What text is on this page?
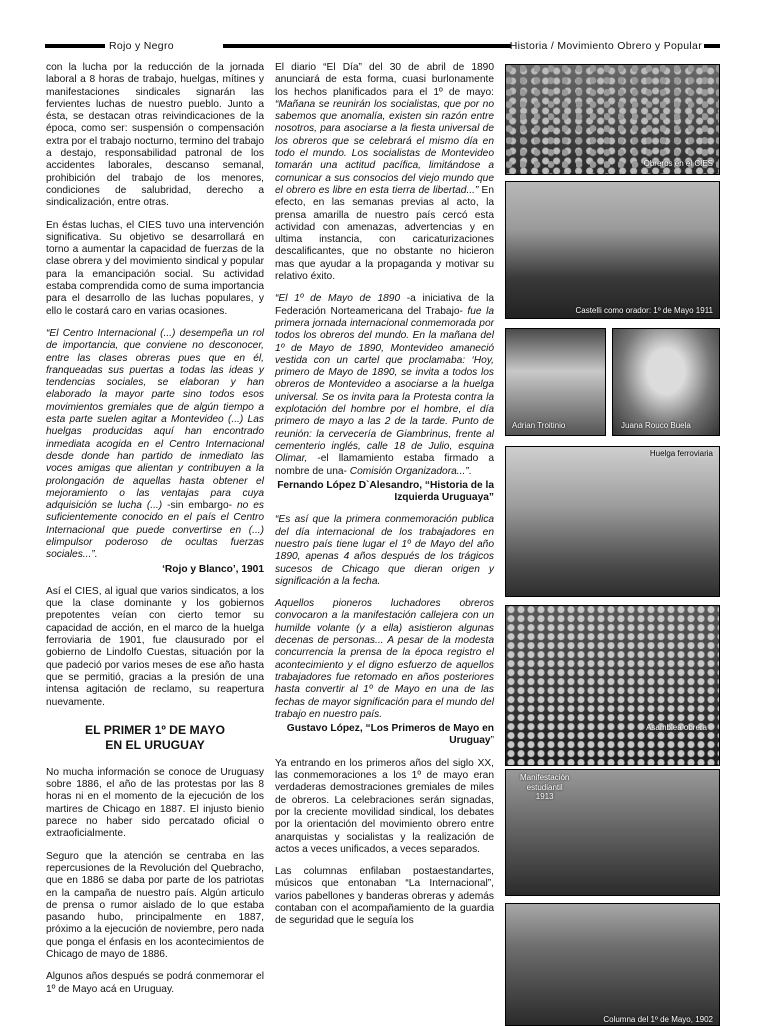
Rojo y Negro	Historia / Movimiento Obrero y Popular

con la lucha por la reducción de la jornada laboral a 8 horas de trabajo, huelgas, mítines y manifestaciones sindicales signarán las fervientes luchas de nuestro pueblo. Junto a ésta, se destacan otras reivindicaciones de la época, como ser: suspensión o compensación extra por el trabajo nocturno, termino del trabajo a destajo, responsabilidad patronal de los accidentes laborales, descanso semanal, prohibición del trabajo de los menores, condiciones de salubridad, derecho a sindicalización, entre otras.

En éstas luchas, el CIES tuvo una intervención significativa. Su objetivo se desarrollará en torno a aumentar la capacidad de fuerzas de la clase obrera y del movimiento sindical y popular para la emancipación social. Su actividad estaba comprendida como de suma importancia para el desarrollo de las luchas populares, y ello le costará caro en varias ocasiones.

“El Centro Internacional (...) desempeña un rol de importancia, que conviene no desconocer, entre las clases obreras pues que en él, franqueadas sus puertas a todas las ideas y tendencias sociales, se elaboran y han elaborado la mayor parte sino todos esos movimientos gremiales que de algún tiempo a esta parte suelen agitar a Montevideo (...) Las huelgas producidas aquí han encontrado inmediata acogida en el Centro Internacional desde donde han partido de inmediato las voces amigas que alientan y contribuyen a la prolongación de aquellas hasta obtener el mejoramiento o las ventajas para cuya adquisición se lucha (...) -sin embargo- no es suficientemente conocido en el país el Centro Internacional que puede convertirse en (...) elimpulsor poderoso de ocultas fuerzas sociales...”.

‘Rojo y Blanco’, 1901

Así el CIES, al igual que varios sindicatos, a los que la clase dominante y los gobiernos prepotentes veían con cierto temor su capacidad de acción, en el marco de la huelga ferroviaria de 1901, fue clausurado por el gobierno de Lindolfo Cuestas, situación por la que padeció por varios meses de ese año hasta que se permitió, gracias a la presión de una intensa agitación de reclamo, su reapertura nuevamente.

EL PRIMER 1º DE MAYO
EN EL URUGUAY

No mucha información se conoce de Uruguasy sobre 1886, el año de las protestas por las 8 horas ni en el momento de la ejecución de los martires de Chicago en 1887. El injusto bienio parece no haber sido percatado oficial o extraoficialmente.

Seguro que la atención se centraba en las repercusiones de la Revolución del Quebracho, que en 1886 se daba por parte de los patriotas en la campaña de nuestro país. Algún articulo de prensa o rumor aislado de lo que estaba pasando hubo, principalmente en 1887, próximo a la ejecución de noviembre, pero nada que ponga el énfasis en los acontecimientos de Chicago de mayo de 1886.

Algunos años después se podrá conmemorar el 1º de Mayo acá en Uruguay.

El diario “El Día” del 30 de abril de 1890 anunciará de esta forma, cuasi burlonamente los hechos planificados para el 1º de mayo: “Mañana se reunirán los socialistas, que por no sabemos que anomalía, existen sin razón entre nosotros, para asociarse a la fiesta universal de los obreros que se celebrará el mismo día en todo el mundo. Los socialistas de Montevideo tomarán una actitud pacífica, limitándose a comunicar a sus consocios del viejo mundo que el obrero es libre en esta tierra de libertad...” En efecto, en las semanas previas al acto, la prensa amarilla de nuestro país cercó esta actividad con amenazas, advertencias y en ultima instancia, con caricaturizaciones descalificantes, que no obstante no hicieron mas que ayudar a la propaganda y motivar su relativo éxito.

“El 1º de Mayo de 1890 -a iniciativa de la Federación Norteamericana del Trabajo- fue la primera jornada internacional conmemorada por todos los obreros del mundo. En la mañana del 1º de Mayo de 1890, Montevideo amaneció vestida con un cartel que proclamaba: ‘Hoy, primero de Mayo de 1890, se invita a todos los obreros de Montevideo a asociarse a la huelga universal. Se os invita para la Protesta contra la explotación del hombre por el hombre, el día primero de mayo a las 2 de la tarde. Punto de reunión: la cervecería de Giambrinus, frente al cementerio inglés, calle 18 de Julio, esquina Olimar, -el llamamiento estaba firmado a nombre de una- Comisión Organizadora...”.

Fernando López D`Alesandro, “Historia de la Izquierda Uruguaya”

“Es así que la primera conmemoración publica del día internacional de los trabajadores en nuestro país tiene lugar el 1º de Mayo del año 1890, apenas 4 años después de los trágicos sucesos de Chicago que dieran origen y significación a la fecha.

Aquellos pioneros luchadores obreros convocaron a la manifestación callejera con un humilde volante (y a ella) asistieron algunas decenas de personas... A pesar de la modesta concurrencia la prensa de la época registro el acontecimiento y el digno esfuerzo de aquellos trabajadores fue retomado en años posteriores hasta convertir al 1º de Mayo en una de las fechas de mayor significación para el mundo del trabajo en nuestro país.

Gustavo López, “Los Primeros de Mayo en Uruguay”

Ya entrando en los primeros años del siglo XX, las conmemoraciones a los 1º de mayo eran verdaderas demostraciones gremiales de miles de obreros. La celebraciones serán signadas, por la creciente movilidad sindical, los debates por la orientación del movimiento obrero entre anarquistas y socialistas y la realización de actos a veces unificados, a veces separados.

Las columnas enfilaban postaestandartes, músicos que entonaban “La Internacional”, varios pabellones y banderas obreras y además contaban con el acompañamiento de la guardia de seguridad que le seguía los

Obreros en el CIES
Castelli como orador: 1º de Mayo 1911
Adrian Troitinio	Juana Rouco Buela
Huelga ferroviaria
Asamblea obrera
Manifestación
estudiantil
1913
Columna del 1º de Mayo, 1902
